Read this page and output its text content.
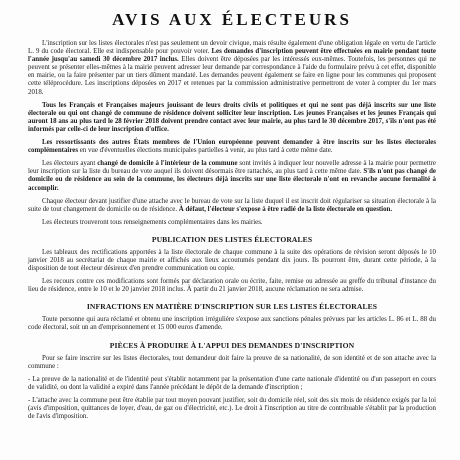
AVIS AUX ÉLECTEURS

L'inscription sur les listes électorales n'est pas seulement un devoir civique, mais résulte également d'une obligation légale en vertu de l'article L. 9 du code électoral. Elle est indispensable pour pouvoir voter. Les demandes d'inscription peuvent être effectuées en mairie pendant toute l'année jusqu'au samedi 30 décembre 2017 inclus. Elles doivent être déposées par les intéressés eux-mêmes. Toutefois, les personnes qui ne peuvent se présenter elles-mêmes à la mairie peuvent adresser leur demande par correspondance à l'aide du formulaire prévu à cet effet, disponible en mairie, ou la faire présenter par un tiers dûment mandaté. Les demandes peuvent également se faire en ligne pour les communes qui proposent cette téléprocédure. Les inscriptions déposées en 2017 et retenues par la commission administrative permettront de voter à compter du 1er mars 2018.

Tous les Français et Françaises majeurs jouissant de leurs droits civils et politiques et qui ne sont pas déjà inscrits sur une liste électorale ou qui ont changé de commune de résidence doivent solliciter leur inscription. Les jeunes Françaises et les jeunes Français qui auront 18 ans au plus tard le 28 février 2018 doivent prendre contact avec leur mairie, au plus tard le 30 décembre 2017, s'ils n'ont pas été informés par celle-ci de leur inscription d'office.

Les ressortissants des autres États membres de l'Union européenne peuvent demander à être inscrits sur les listes électorales complémentaires en vue d'éventuelles élections municipales partielles à venir, au plus tard à cette même date.

Les électeurs ayant changé de domicile à l'intérieur de la commune sont invités à indiquer leur nouvelle adresse à la mairie pour permettre leur inscription sur la liste du bureau de vote auquel ils doivent désormais être rattachés, au plus tard à cette même date. S'ils n'ont pas changé de domicile ou de résidence au sein de la commune, les électeurs déjà inscrits sur une liste électorale n'ont en revanche aucune formalité à accomplir.

Chaque électeur devant justifier d'une attache avec le bureau de vote sur la liste duquel il est inscrit doit régulariser sa situation électorale à la suite de tout changement de domicile ou de résidence. À défaut, l'électeur s'expose à être radié de la liste électorale en question.

Les électeurs trouveront tous renseignements complémentaires dans les mairies.

PUBLICATION DES LISTES ÉLECTORALES

Les tableaux des rectifications apportées à la liste électorale de chaque commune à la suite des opérations de révision seront déposés le 10 janvier 2018 au secrétariat de chaque mairie et affichés aux lieux accoutumés pendant dix jours. Ils pourront être, durant cette période, à la disposition de tout électeur désireux d'en prendre communication ou copie.

Les recours contre ces modifications sont formés par déclaration orale ou écrite, faite, remise ou adressée au greffe du tribunal d'instance du lieu de résidence, entre le 10 et le 20 janvier 2018 inclus. À partir du 21 janvier 2018, aucune réclamation ne sera admise.

INFRACTIONS EN MATIÈRE D'INSCRIPTION SUR LES LISTES ÉLECTORALES

Toute personne qui aura réclamé et obtenu une inscription irrégulière s'expose aux sanctions pénales prévues par les articles L. 86 et L. 88 du code électoral, soit un an d'emprisonnement et 15 000 euros d'amende.

PIÈCES À PRODUIRE À L'APPUI DES DEMANDES D'INSCRIPTION

Pour se faire inscrire sur les listes électorales, tout demandeur doit faire la preuve de sa nationalité, de son identité et de son attache avec la commune :

- La preuve de la nationalité et de l'identité peut s'établir notamment par la présentation d'une carte nationale d'identité ou d'un passeport en cours de validité, ou dont la validité a expiré dans l'année précédant le dépôt de la demande d'inscription ;

- L'attache avec la commune peut être établie par tout moyen pouvant justifier, soit du domicile réel, soit des six mois de résidence exigés par la loi (avis d'imposition, quittances de loyer, d'eau, de gaz ou d'électricité, etc.). Le droit à l'inscription au titre de contribuable s'établit par la production de l'avis d'imposition.
